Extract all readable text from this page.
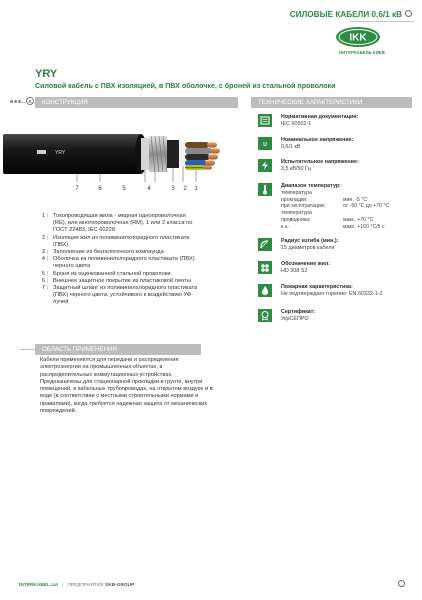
СИЛОВЫЕ КАБЕЛИ 0,6/1 кВ
IKK
ИНТЕРКАБЕЛЬ КИЕВ
YRY
Силовой кабель с ПВХ изоляцией, в ПВХ оболочке, с броней из стальной проволоки
КОНСТРУКЦИЯ
YRY
7	6	5	4	3 2 1
1 | Токопроводящая жила - медная однопроволочная
(RE), или многопроволочная (RM), 1 или 2 класса по
ГОСТ 22483, IEC 60228
2 | Изоляция жил из поливинилхлоридного пластиката
(ПВХ)
3 | Заполнение из безгалогенного компаунда
4 | Оболочка из поливинилхлоридного пластиката (ПВХ)
черного цвета
5 | Броня из оцинкованной стальной проволоки
6 | Внешнее защитное покрытие из пластиковой ленты
7 | Защитный шланг из поливинилхлоридного пластиката
(ПВХ) черного цвета, устойчивого к воздействию УФ-
лучей
ОБЛАСТЬ ПРИМЕНЕНИЯ
Кабели применяются для передачи и распределения электроэнергии на промышленных объектах, в распределительных коммутационных устройствах. Предназначены для стационарной прокладки в грунте, внутри помещений, в кабельных трубопроводах, на открытом воздухе и в воде (в соответствии с местными строительными нормами и правилами), когда требуется надежная защита от механических повреждений.
ТЕХНИЧЕСКИЕ ХАРАКТЕРИСТИКИ
Нормативная документация:
IEC 60502-1
U
Номинальное напряжение:
0,6/1 кВ
Испытательное напряжение:
3,5 кВ/50 Гц
Диапазон температур:
температура
прокладки:	мин. -5 °C
при эксплуатации:	от -50 °C до +70 °C
температура
проводника:	макс. +70 °C
к.з.:	макс. +160 °C/5 с
Радиус изгиба (мин.):
15 диаметров кабеля
Обозначение жил:
HD 308 S2
Пожарная характеристика:
Не подтверждает горение: EN 60332-1-2
Сертификат:
УкрСЕПРО
INTERKABEL.UA | ПРЕДПРИЯТИЕ SKB-GROUP
